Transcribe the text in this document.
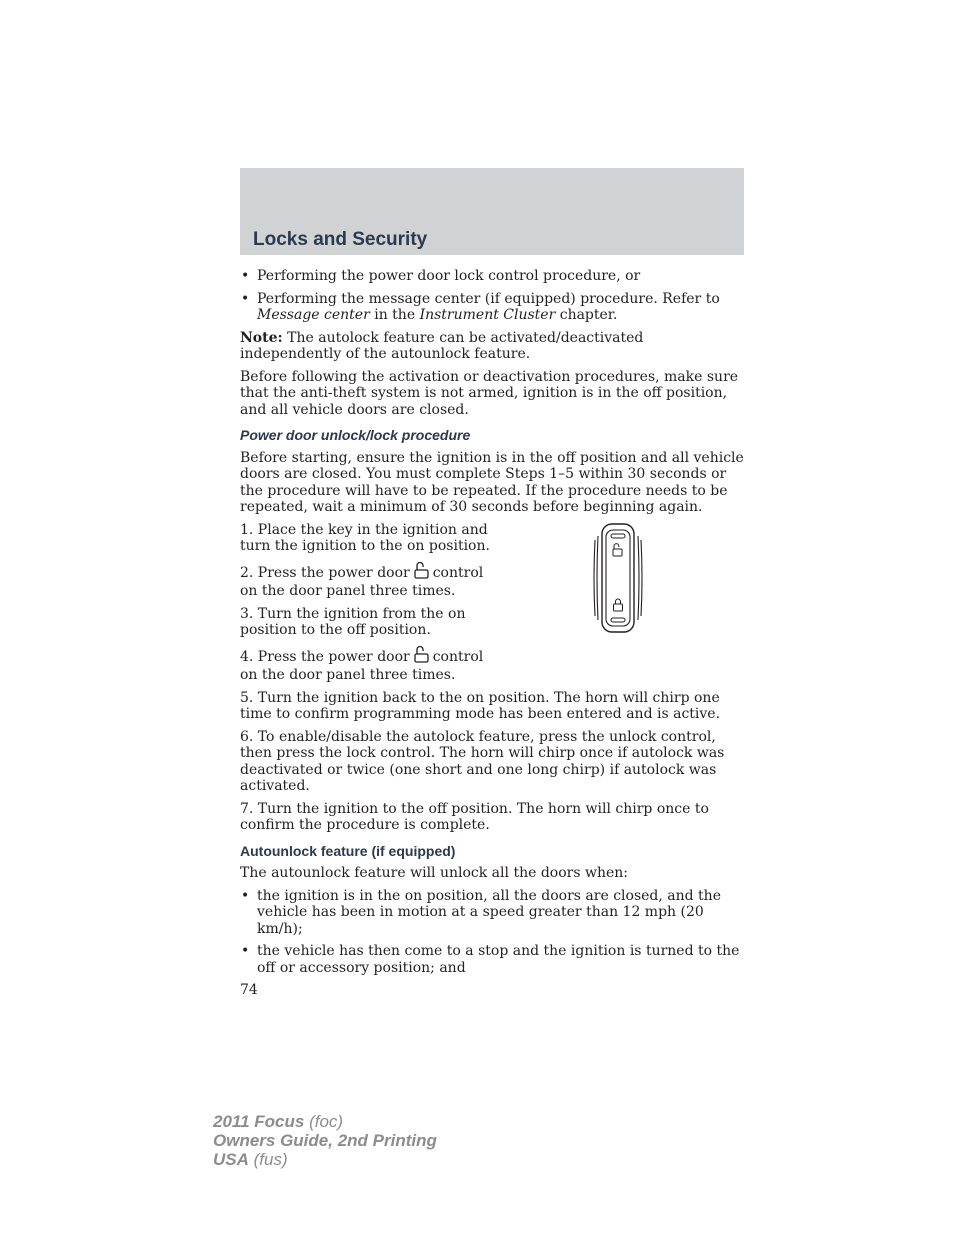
Locks and Security
• Performing the power door lock control procedure, or
• Performing the message center (if equipped) procedure. Refer to Message center in the Instrument Cluster chapter.

Note: The autolock feature can be activated/deactivated independently of the autounlock feature.

Before following the activation or deactivation procedures, make sure that the anti-theft system is not armed, ignition is in the off position, and all vehicle doors are closed.

Power door unlock/lock procedure

Before starting, ensure the ignition is in the off position and all vehicle doors are closed. You must complete Steps 1–5 within 30 seconds or the procedure will have to be repeated. If the procedure needs to be repeated, wait a minimum of 30 seconds before beginning again.

1. Place the key in the ignition and turn the ignition to the on position.

2. Press the power door control on the door panel three times.

3. Turn the ignition from the on position to the off position.

4. Press the power door control on the door panel three times.

5. Turn the ignition back to the on position. The horn will chirp one time to confirm programming mode has been entered and is active.

6. To enable/disable the autolock feature, press the unlock control, then press the lock control. The horn will chirp once if autolock was deactivated or twice (one short and one long chirp) if autolock was activated.

7. Turn the ignition to the off position. The horn will chirp once to confirm the procedure is complete.

Autounlock feature (if equipped)

The autounlock feature will unlock all the doors when:

• the ignition is in the on position, all the doors are closed, and the vehicle has been in motion at a speed greater than 12 mph (20 km/h);
• the vehicle has then come to a stop and the ignition is turned to the off or accessory position; and
74
2011 Focus (foc)
Owners Guide, 2nd Printing
USA (fus)
